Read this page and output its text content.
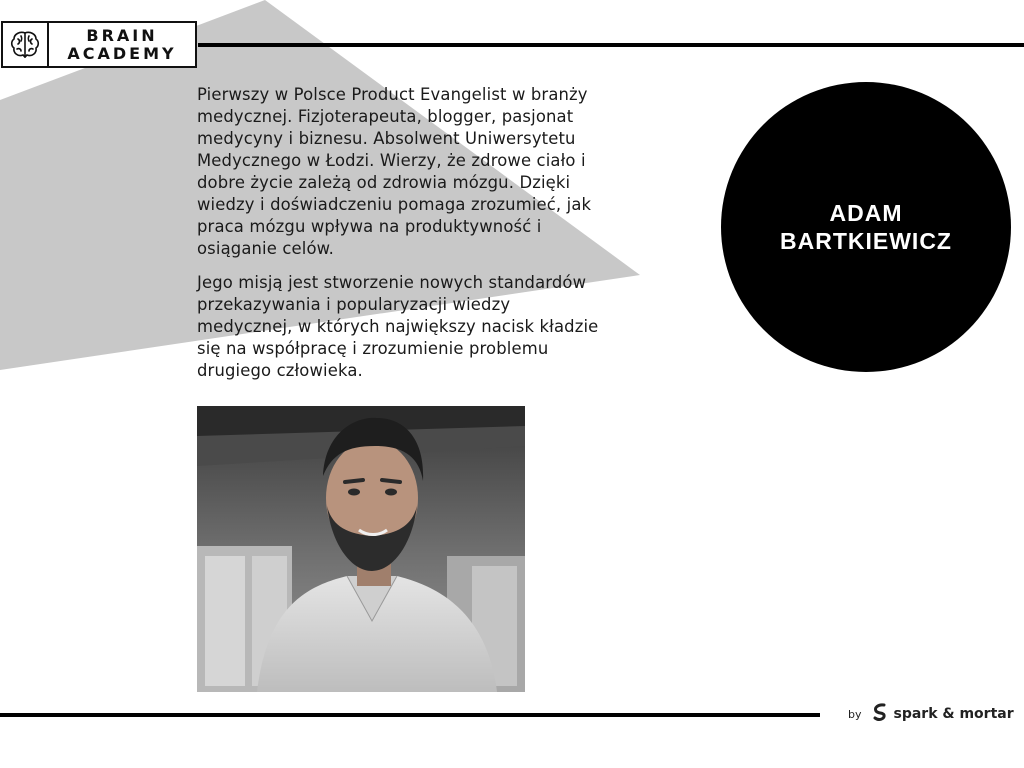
BRAIN
ACADEMY

Pierwszy w Polsce Product Evangelist w branży
medycznej. Fizjoterapeuta, blogger, pasjonat
medycyny i biznesu. Absolwent Uniwersytetu
Medycznego w Łodzi. Wierzy, że zdrowe ciało i
dobre życie zależą od zdrowia mózgu. Dzięki
wiedzy i doświadczeniu pomaga zrozumieć, jak
praca mózgu wpływa na produktywność i
osiąganie celów.

Jego misją jest stworzenie nowych standardów
przekazywania i popularyzacji wiedzy
medycznej, w których największy nacisk kładzie
się na współpracę i zrozumienie problemu
drugiego człowieka.

ADAM
BARTKIEWICZ
by spark & mortar
